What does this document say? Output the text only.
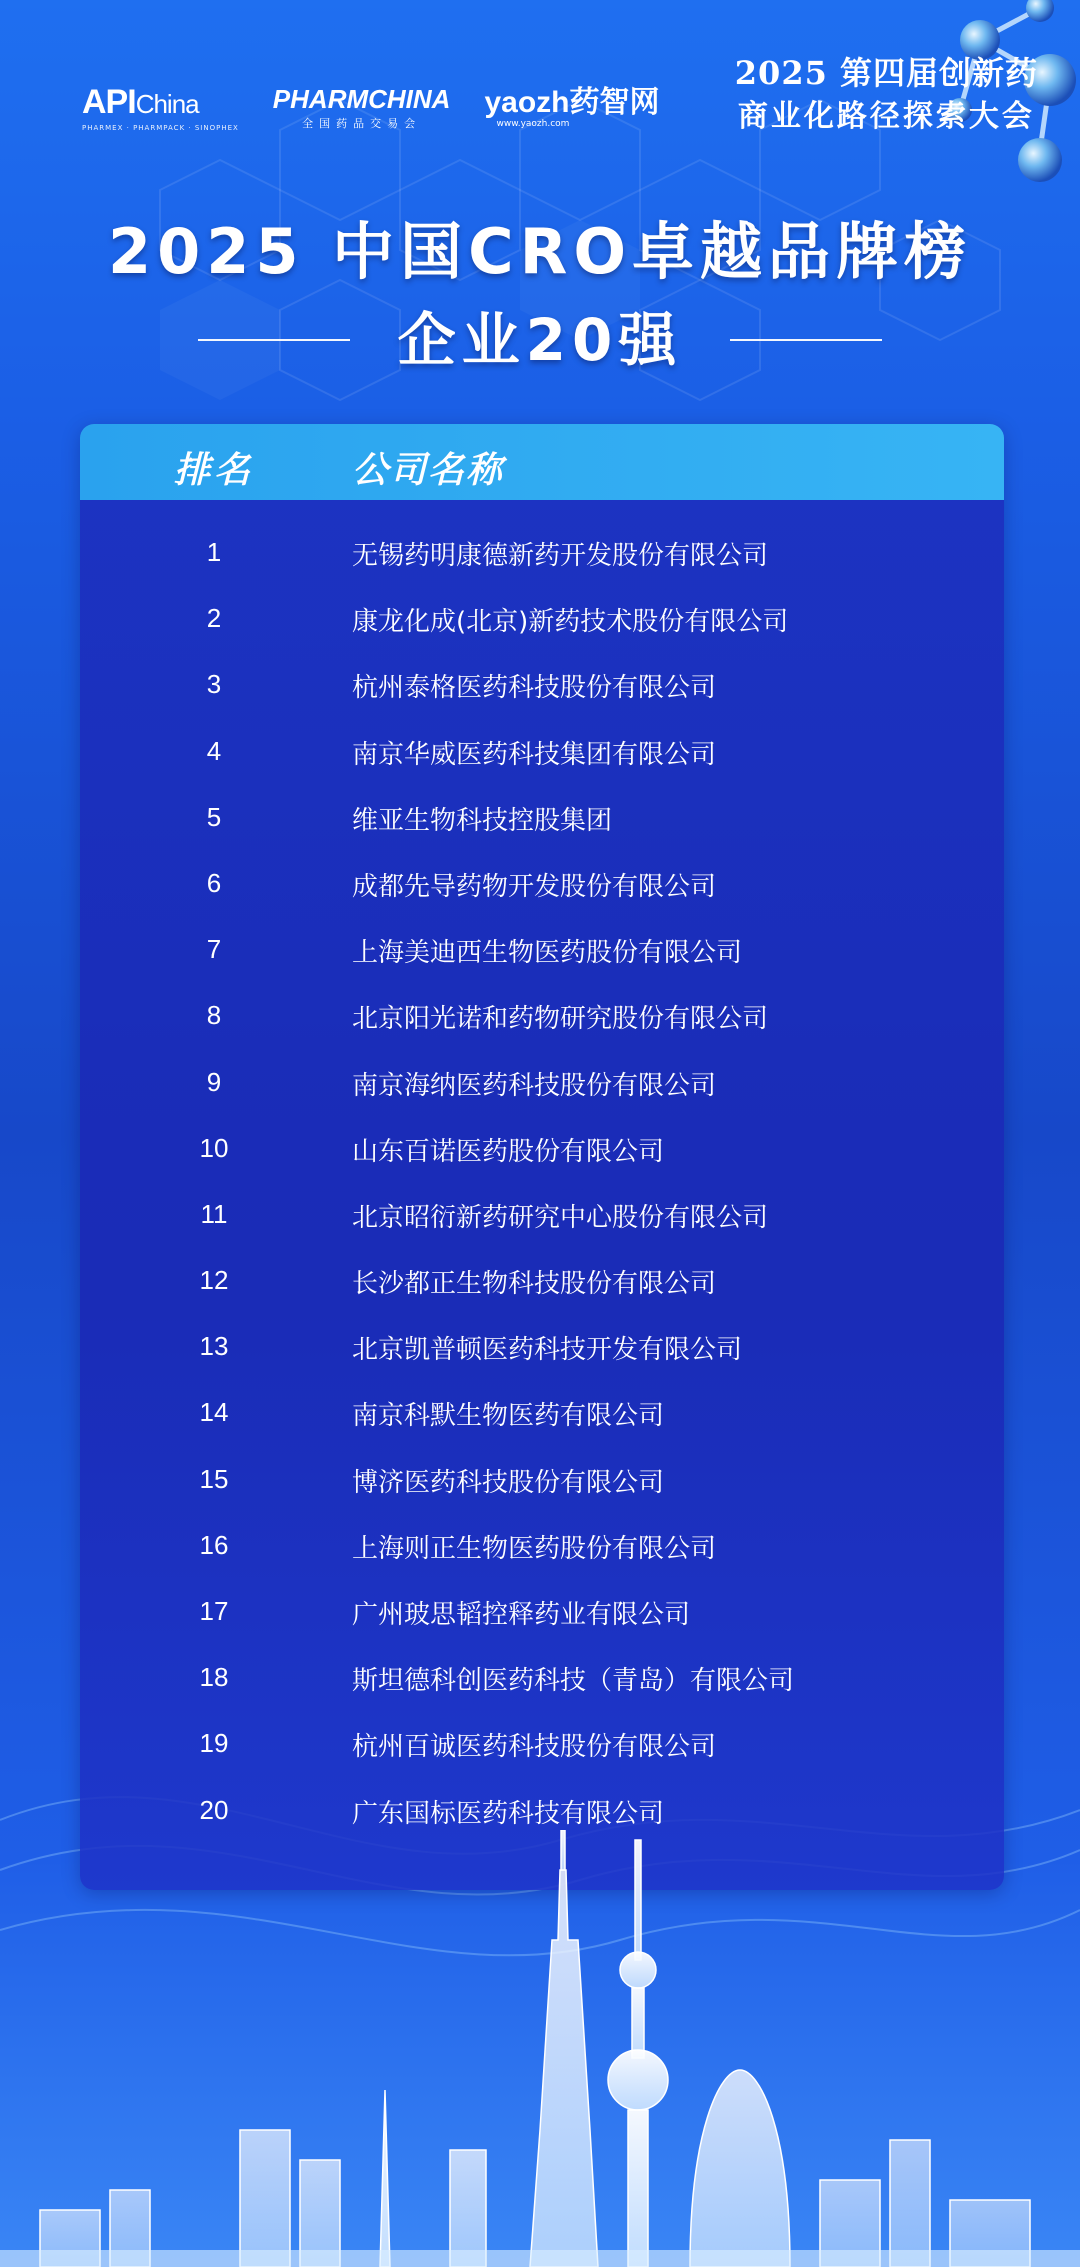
APIChina
PHARMEX · PHARMPACK · SINOPHEX
PHARMCHINA
全国药品交易会
yaozh药智网
www.yaozh.com
2025 第四届创新药
商业化路径探索大会
2025 中国CRO卓越品牌榜
企业20强
排名	公司名称
1	无锡药明康德新药开发股份有限公司
2	康龙化成(北京)新药技术股份有限公司
3	杭州泰格医药科技股份有限公司
4	南京华威医药科技集团有限公司
5	维亚生物科技控股集团
6	成都先导药物开发股份有限公司
7	上海美迪西生物医药股份有限公司
8	北京阳光诺和药物研究股份有限公司
9	南京海纳医药科技股份有限公司
10	山东百诺医药股份有限公司
11	北京昭衍新药研究中心股份有限公司
12	长沙都正生物科技股份有限公司
13	北京凯普顿医药科技开发有限公司
14	南京科默生物医药有限公司
15	博济医药科技股份有限公司
16	上海则正生物医药股份有限公司
17	广州玻思韬控释药业有限公司
18	斯坦德科创医药科技（青岛）有限公司
19	杭州百诚医药科技股份有限公司
20	广东国标医药科技有限公司
